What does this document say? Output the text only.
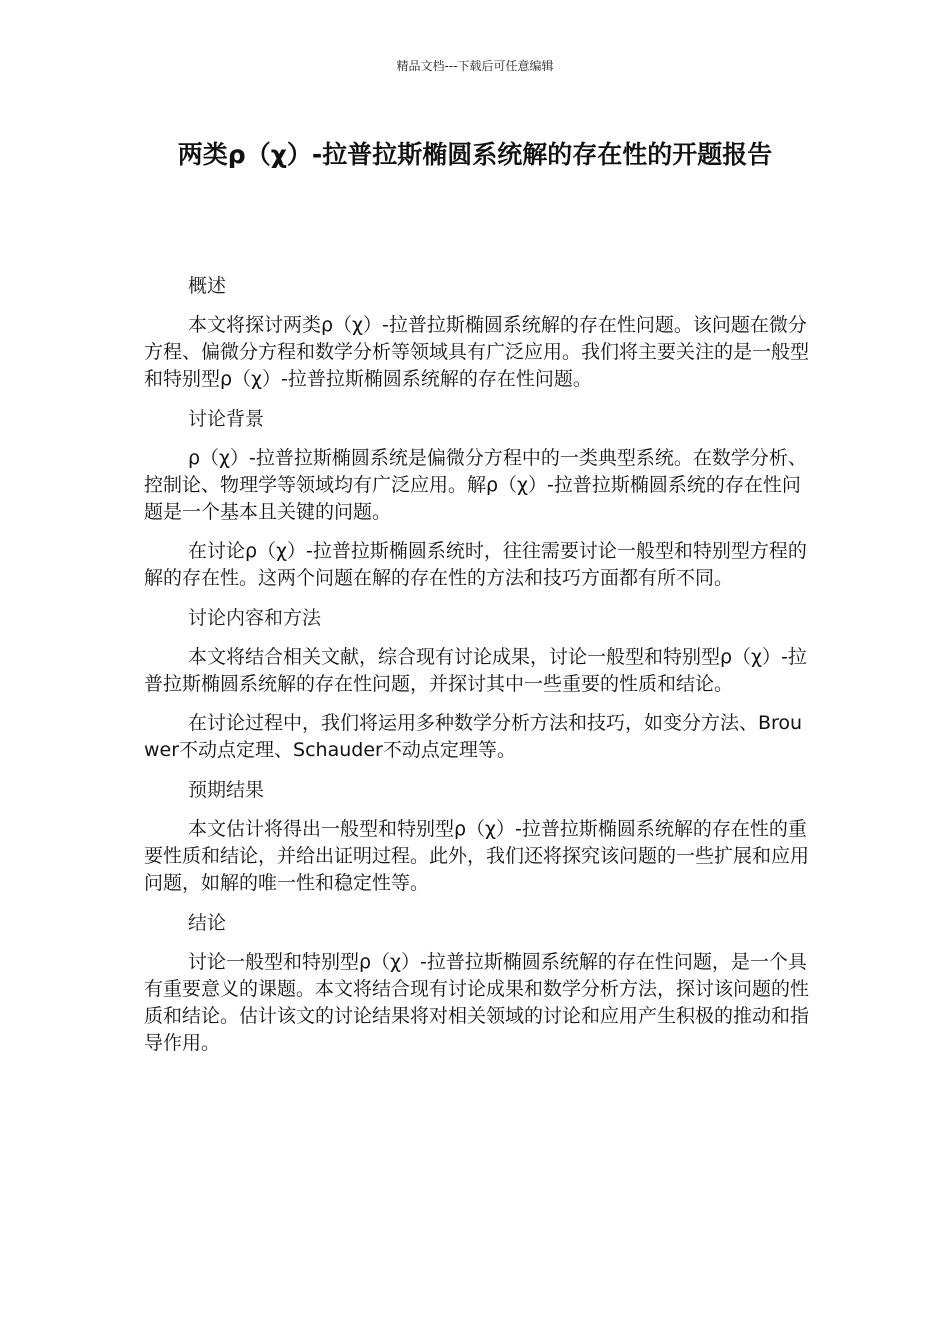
精品文档---下载后可任意编辑
两类ρ（χ）-拉普拉斯椭圆系统解的存在性的开题报告

概述

本文将探讨两类ρ（χ）-拉普拉斯椭圆系统解的存在性问题。该问题在微分方程、偏微分方程和数学分析等领域具有广泛应用。我们将主要关注的是一般型和特别型ρ（χ）-拉普拉斯椭圆系统解的存在性问题。

讨论背景

ρ（χ）-拉普拉斯椭圆系统是偏微分方程中的一类典型系统。在数学分析、控制论、物理学等领域均有广泛应用。解ρ（χ）-拉普拉斯椭圆系统的存在性问题是一个基本且关键的问题。

在讨论ρ（χ）-拉普拉斯椭圆系统时，往往需要讨论一般型和特别型方程的解的存在性。这两个问题在解的存在性的方法和技巧方面都有所不同。

讨论内容和方法

本文将结合相关文献，综合现有讨论成果，讨论一般型和特别型ρ（χ）-拉普拉斯椭圆系统解的存在性问题，并探讨其中一些重要的性质和结论。

在讨论过程中，我们将运用多种数学分析方法和技巧，如变分方法、Brouwer不动点定理、Schauder不动点定理等。

预期结果

本文估计将得出一般型和特别型ρ（χ）-拉普拉斯椭圆系统解的存在性的重要性质和结论，并给出证明过程。此外，我们还将探究该问题的一些扩展和应用问题，如解的唯一性和稳定性等。

结论

讨论一般型和特别型ρ（χ）-拉普拉斯椭圆系统解的存在性问题，是一个具有重要意义的课题。本文将结合现有讨论成果和数学分析方法，探讨该问题的性质和结论。估计该文的讨论结果将对相关领域的讨论和应用产生积极的推动和指导作用。
